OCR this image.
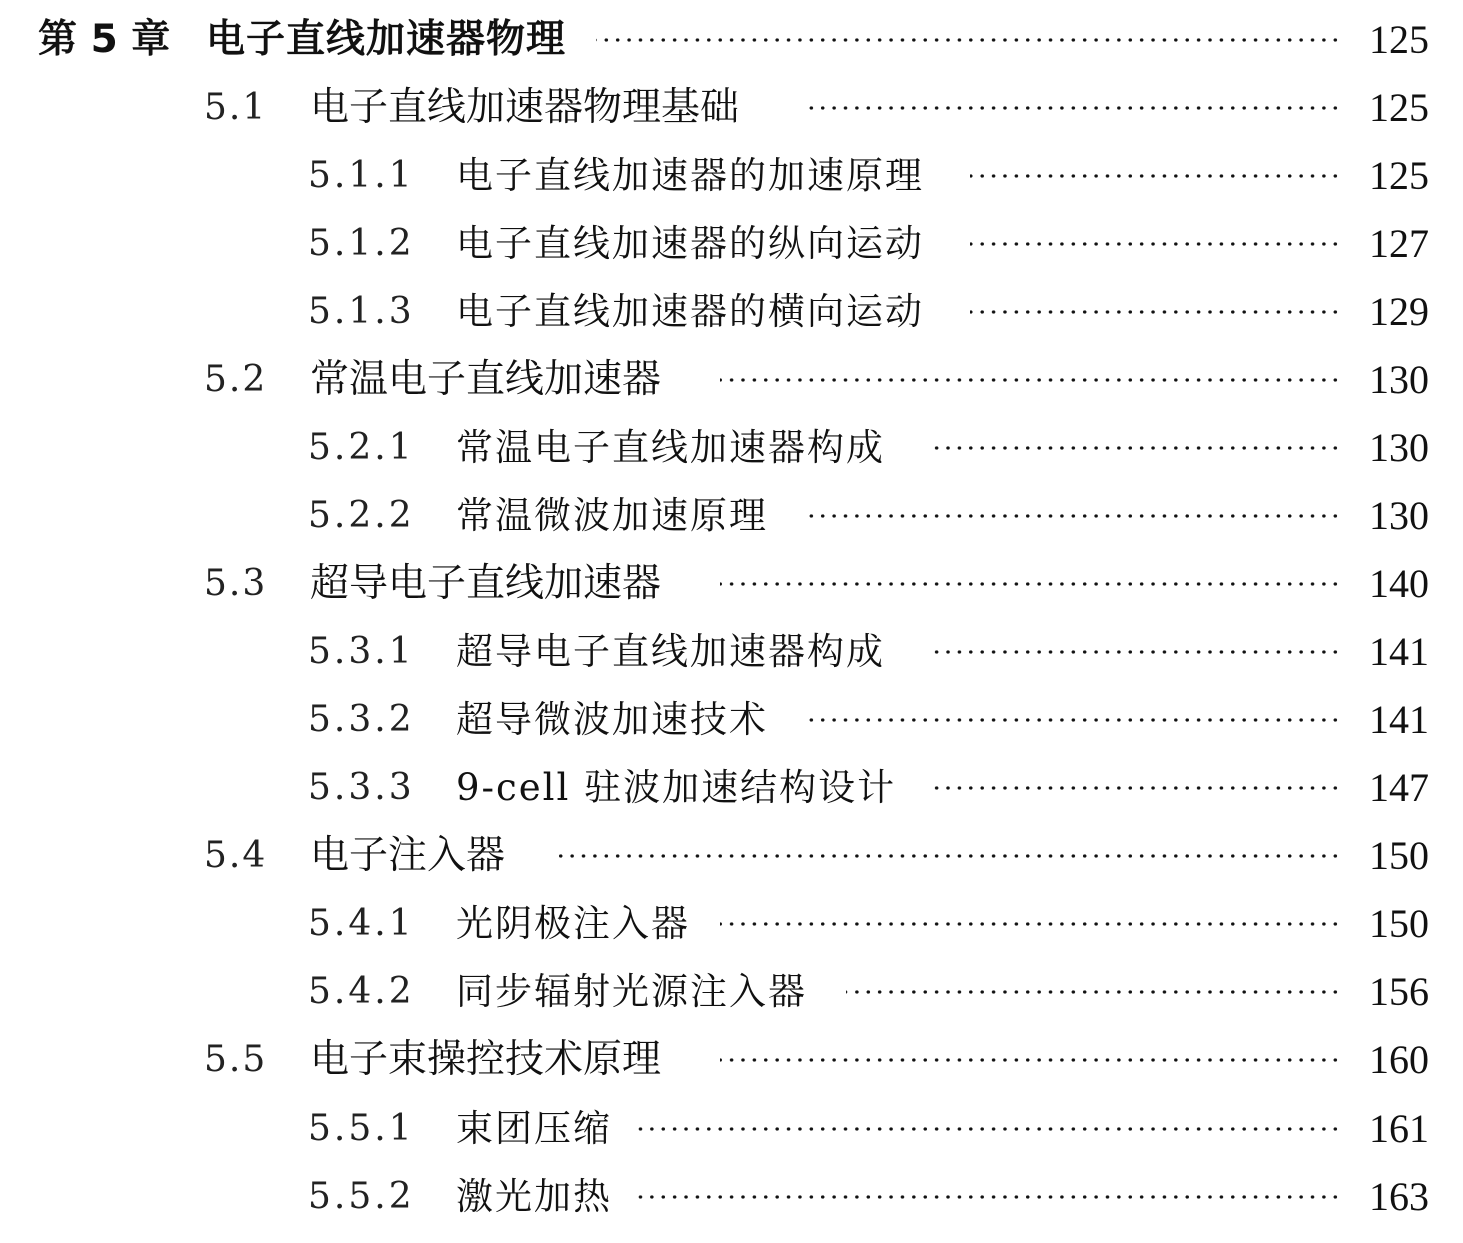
第 5 章 电子直线加速器物理	125
5.1 电子直线加速器物理基础	125
5.1.1 电子直线加速器的加速原理	125
5.1.2 电子直线加速器的纵向运动	127
5.1.3 电子直线加速器的横向运动	129
5.2 常温电子直线加速器	130
5.2.1 常温电子直线加速器构成	130
5.2.2 常温微波加速原理	130
5.3 超导电子直线加速器	140
5.3.1 超导电子直线加速器构成	141
5.3.2 超导微波加速技术	141
5.3.3 9-cell 驻波加速结构设计	147
5.4 电子注入器	150
5.4.1 光阴极注入器	150
5.4.2 同步辐射光源注入器	156
5.5 电子束操控技术原理	160
5.5.1 束团压缩	161
5.5.2 激光加热	163
